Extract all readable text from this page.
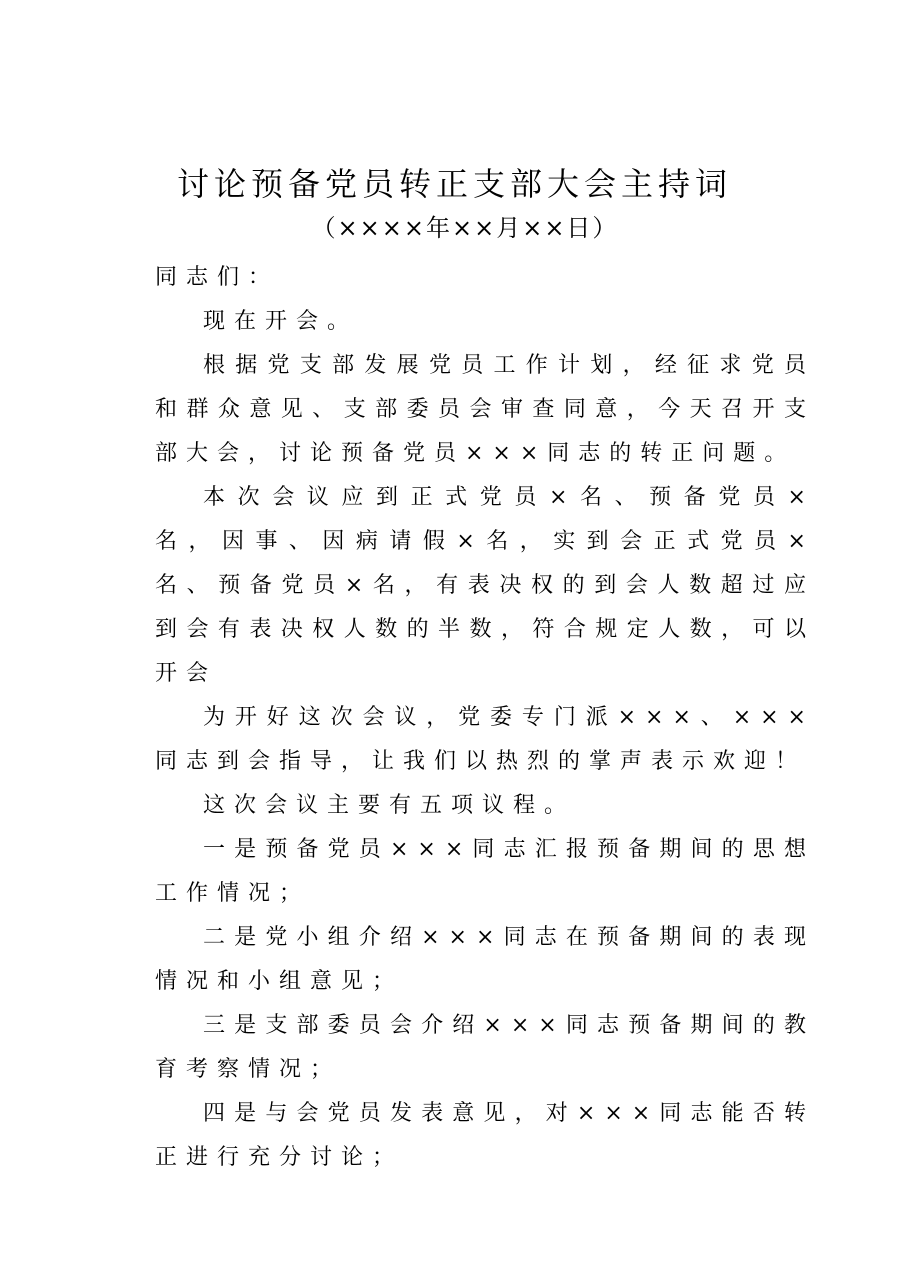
讨论预备党员转正支部大会主持词
（××××年××月××日）

同志们：

现在开会。

根据党支部发展党员工作计划，经征求党员和群众意见、支部委员会审查同意，今天召开支部大会，讨论预备党员×××同志的转正问题。

本次会议应到正式党员×名、预备党员×名，因事、因病请假×名，实到会正式党员×名、预备党员×名，有表决权的到会人数超过应到会有表决权人数的半数，符合规定人数，可以开会

为开好这次会议，党委专门派×××、×××同志到会指导，让我们以热烈的掌声表示欢迎！

这次会议主要有五项议程。

一是预备党员×××同志汇报预备期间的思想工作情况；

二是党小组介绍×××同志在预备期间的表现情况和小组意见；

三是支部委员会介绍×××同志预备期间的教育考察情况；

四是与会党员发表意见，对×××同志能否转正进行充分讨论；
